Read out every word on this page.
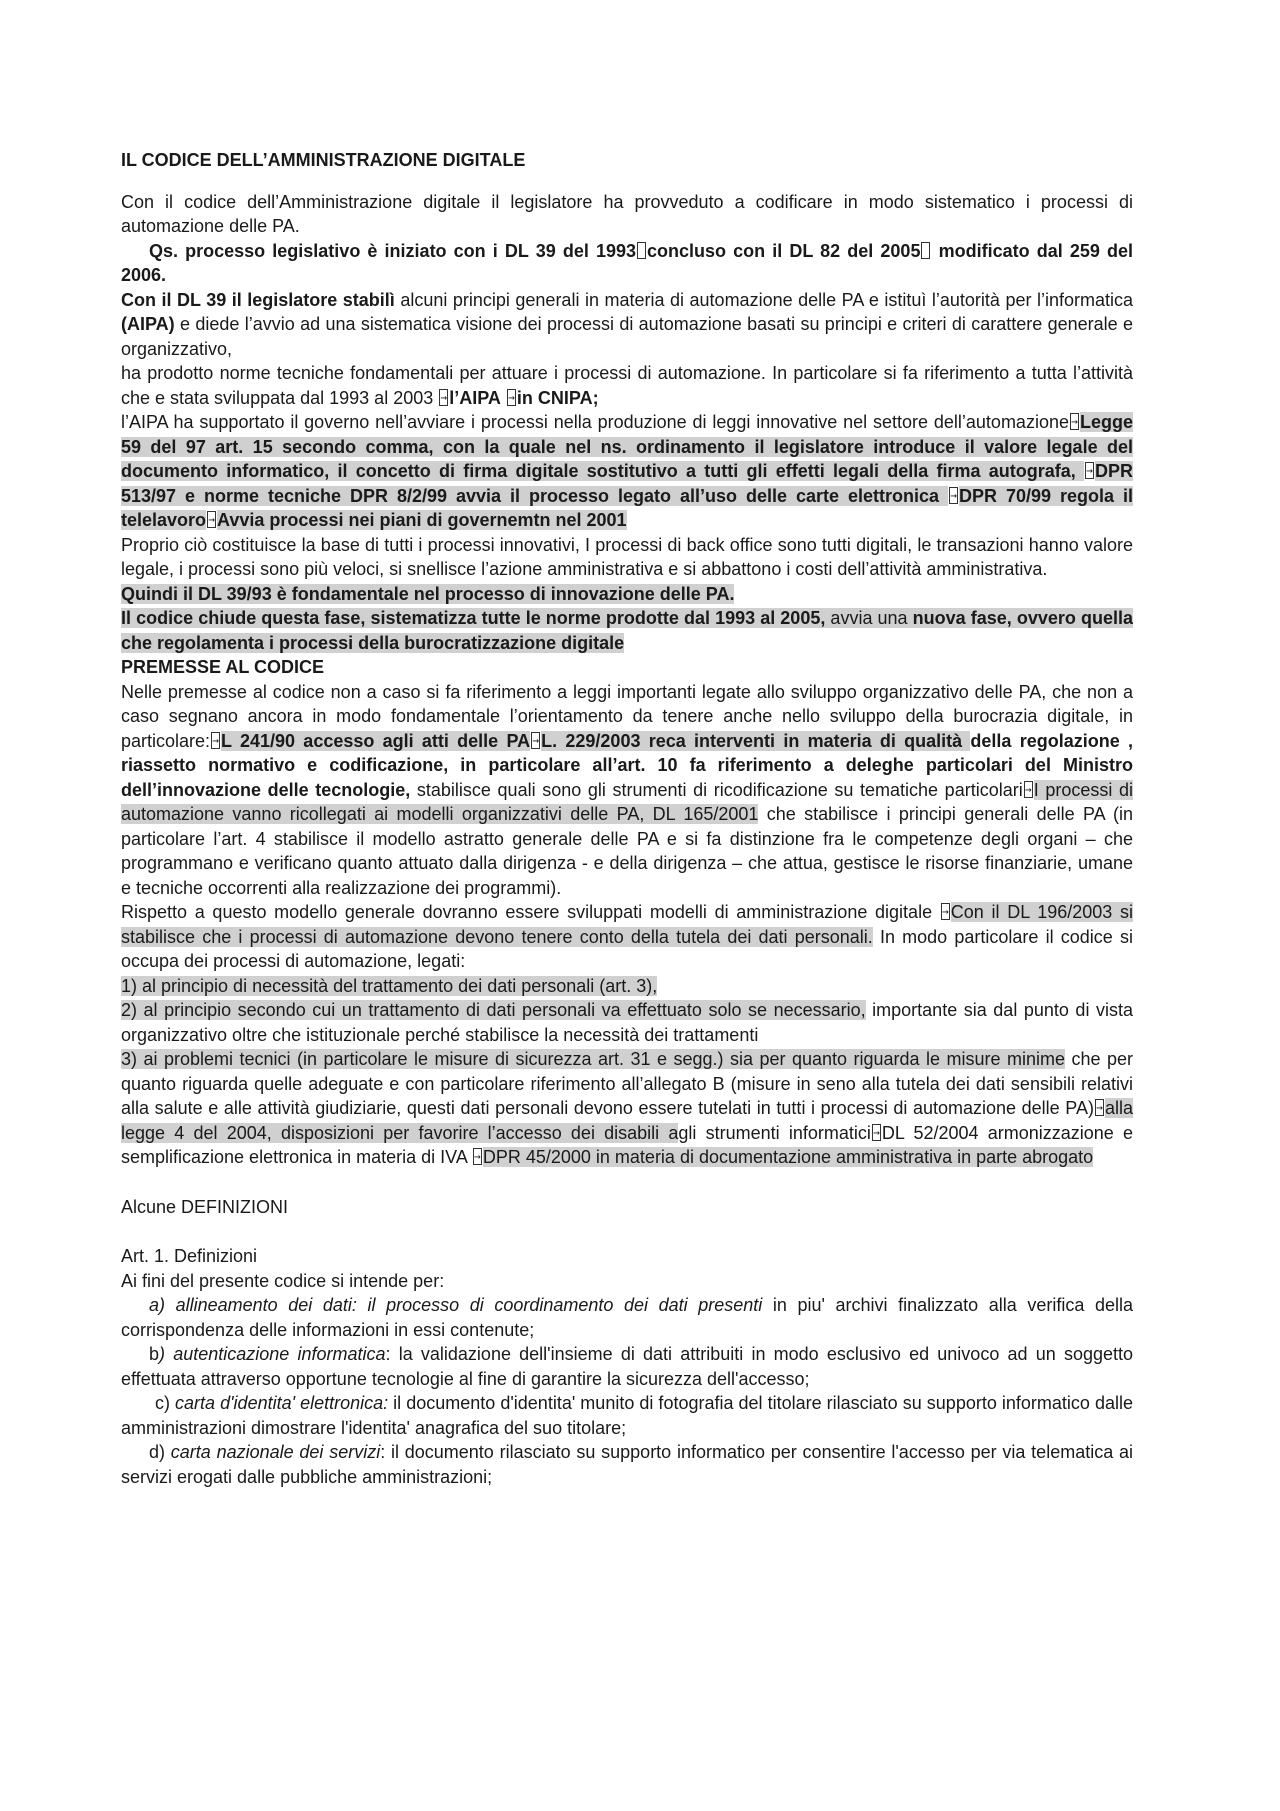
IL CODICE DELL’AMMINISTRAZIONE DIGITALE

Con il codice dell’Amministrazione digitale il legislatore ha provveduto a codificare in modo sistematico i processi di automazione delle PA.

Qs. processo legislativo è iniziato con i DL 39 del 1993 concluso con il DL 82 del 2005 modificato dal 259 del 2006.

Con il DL 39 il legislatore stabilì alcuni principi generali in materia di automazione delle PA e istituì l’autorità per l’informatica (AIPA) e diede l’avvio ad una sistematica visione dei processi di automazione basati su principi e criteri di carattere generale e organizzativo,

ha prodotto norme tecniche fondamentali per attuare i processi di automazione. In particolare si fa riferimento a tutta l’attività che e stata sviluppata dal 1993 al 2003 → l’AIPA → in CNIPA;

l’AIPA ha supportato il governo nell’avviare i processi nella produzione di leggi innovative nel settore dell’automazione → Legge 59 del 97 art. 15 secondo comma, con la quale nel ns. ordinamento il legislatore introduce il valore legale del documento informatico, il concetto di firma digitale sostitutivo a tutti gli effetti legali della firma autografa, → DPR 513/97 e norme tecniche DPR 8/2/99 avvia il processo legato all’uso delle carte elettronica → DPR 70/99 regola il telelavoro → Avvia processi nei piani di governemtn nel 2001

Proprio ciò costituisce la base di tutti i processi innovativi, I processi di back office sono tutti digitali, le transazioni hanno valore legale, i processi sono più veloci, si snellisce l’azione amministrativa e si abbattono i costi dell’attività amministrativa.

Quindi il DL 39/93 è fondamentale nel processo di innovazione delle PA.

Il codice chiude questa fase, sistematizza tutte le norme prodotte dal 1993 al 2005, avvia una nuova fase, ovvero quella che regolamenta i processi della burocratizzazione digitale

PREMESSE AL CODICE

Nelle premesse al codice non a caso si fa riferimento a leggi importanti legate allo sviluppo organizzativo delle PA, che non a caso segnano ancora in modo fondamentale l’orientamento da tenere anche nello sviluppo della burocrazia digitale, in particolare: → L 241/90 accesso agli atti delle PA → L. 229/2003 reca interventi in materia di qualità della regolazione , riassetto normativo e codificazione, in particolare all’art. 10 fa riferimento a deleghe particolari del Ministro dell’innovazione delle tecnologie, stabilisce quali sono gli strumenti di ricodificazione su tematiche particolari → I processi di automazione vanno ricollegati ai modelli organizzativi delle PA, DL 165/2001 che stabilisce i principi generali delle PA (in particolare l’art. 4 stabilisce il modello astratto generale delle PA e si fa distinzione fra le competenze degli organi – che programmano e verificano quanto attuato dalla dirigenza - e della dirigenza – che attua, gestisce le risorse finanziarie, umane e tecniche occorrenti alla realizzazione dei programmi).

Rispetto a questo modello generale dovranno essere sviluppati modelli di amministrazione digitale → Con il DL 196/2003 si stabilisce che i processi di automazione devono tenere conto della tutela dei dati personali. In modo particolare il codice si occupa dei processi di automazione, legati:

1) al principio di necessità del trattamento dei dati personali (art. 3),

2) al principio secondo cui un trattamento di dati personali va effettuato solo se necessario, importante sia dal punto di vista organizzativo oltre che istituzionale perché stabilisce la necessità dei trattamenti

3) ai problemi tecnici (in particolare le misure di sicurezza art. 31 e segg.) sia per quanto riguarda le misure minime che per quanto riguarda quelle adeguate e con particolare riferimento all’allegato B (misure in seno alla tutela dei dati sensibili relativi alla salute e alle attività giudiziarie, questi dati personali devono essere tutelati in tutti i processi di automazione delle PA) → alla legge 4 del 2004, disposizioni per favorire l’accesso dei disabili agli strumenti informatici → DL 52/2004 armonizzazione e semplificazione elettronica in materia di IVA → DPR 45/2000 in materia di documentazione amministrativa in parte abrogato

Alcune DEFINIZIONI

Art. 1. Definizioni

Ai fini del presente codice si intende per:

a) allineamento dei dati: il processo di coordinamento dei dati presenti in piu' archivi finalizzato alla verifica della corrispondenza delle informazioni in essi contenute;

b) autenticazione informatica: la validazione dell'insieme di dati attribuiti in modo esclusivo ed univoco ad un soggetto effettuata attraverso opportune tecnologie al fine di garantire la sicurezza dell'accesso;

c) carta d'identita' elettronica: il documento d'identita' munito di fotografia del titolare rilasciato su supporto informatico dalle amministrazioni dimostrare l'identita' anagrafica del suo titolare;

d) carta nazionale dei servizi: il documento rilasciato su supporto informatico per consentire l'accesso per via telematica ai servizi erogati dalle pubbliche amministrazioni;
